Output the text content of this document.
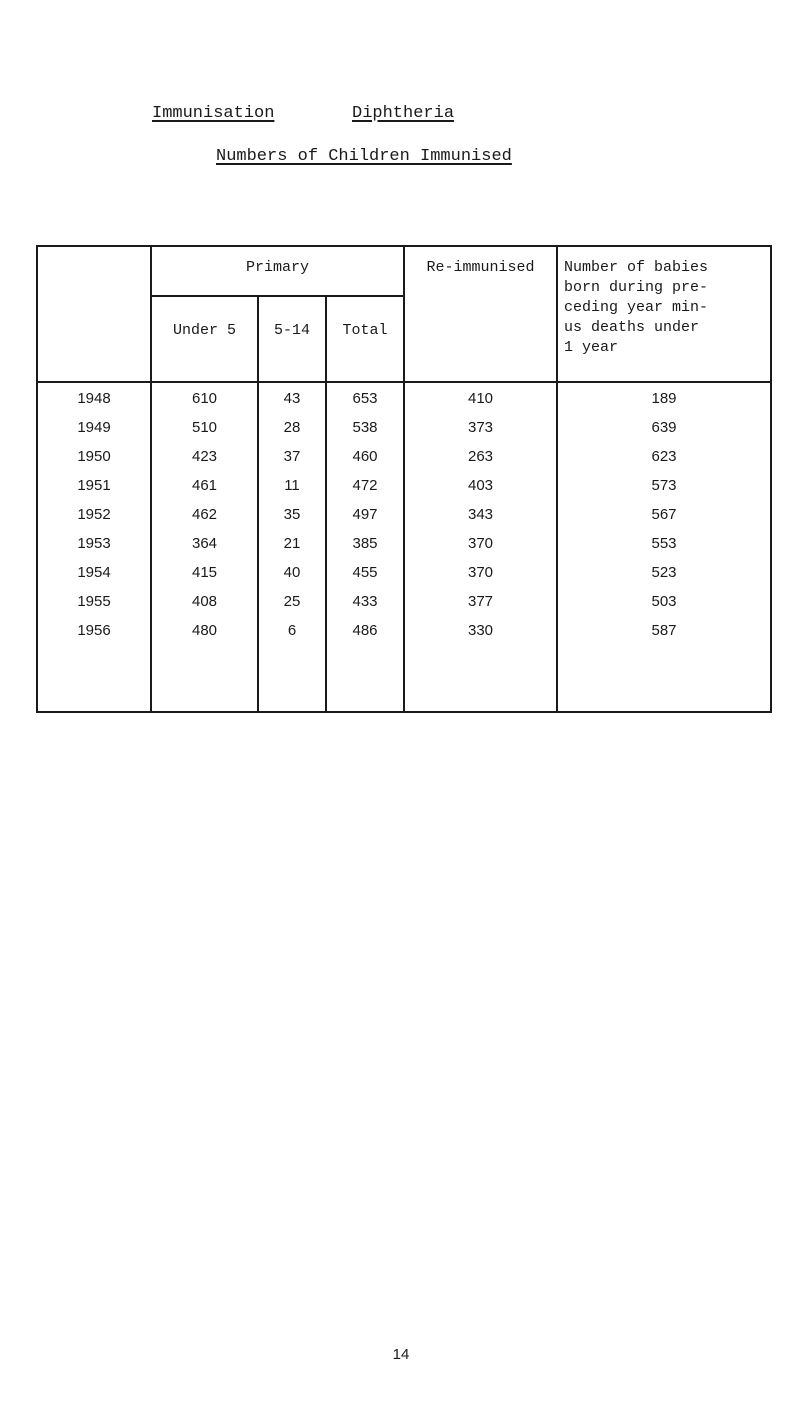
Immunisation	Diphtheria
Numbers of Children Immunised
Primary
Under 5	5-14	Total
Re-immunised	Number of babies
born during pre-
ceding year min-
us deaths under
1 year
1948	610	43	653	410	189
1949	510	28	538	373	639
1950	423	37	460	263	623
1951	461	11	472	403	573
1952	462	35	497	343	567
1953	364	21	385	370	553
1954	415	40	455	370	523
1955	408	25	433	377	503
1956	480	6	486	330	587
14
